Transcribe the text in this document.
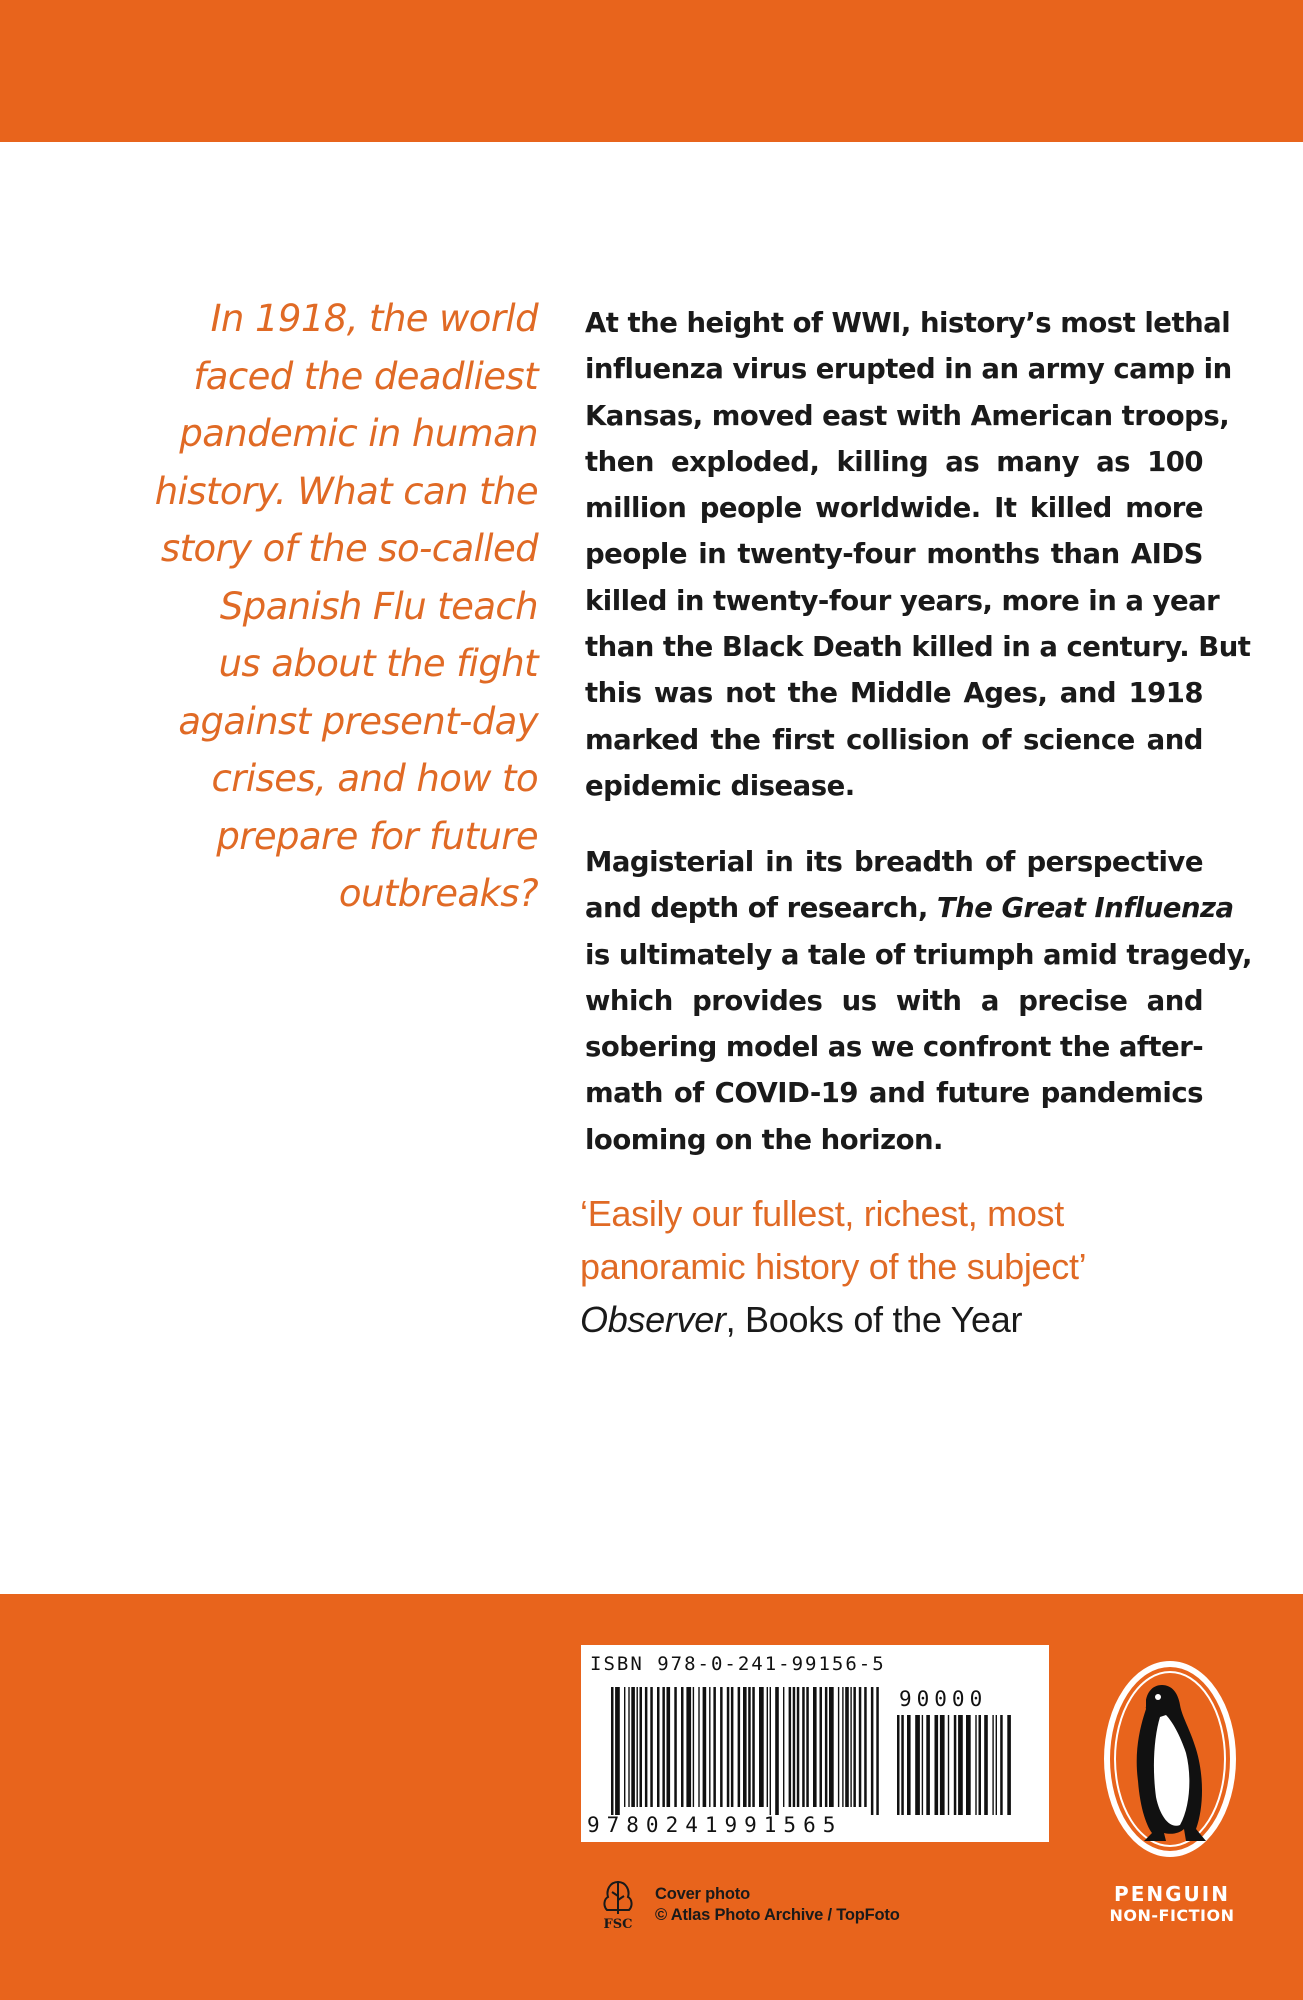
In 1918, the world
faced the deadliest
pandemic in human
history. What can the
story of the so-called
Spanish Flu teach
us about the fight
against present-day
crises, and how to
prepare for future
outbreaks?
At the height of WWI, history’s most lethal
influenza virus erupted in an army camp in
Kansas, moved east with American troops,
then exploded, killing as many as 100
million people worldwide. It killed more
people in twenty-four months than AIDS
killed in twenty-four years, more in a year
than the Black Death killed in a century. But
this was not the Middle Ages, and 1918
marked the first collision of science and
epidemic disease.
Magisterial in its breadth of perspective
and depth of research, The Great Influenza
is ultimately a tale of triumph amid tragedy,
which provides us with a precise and
sobering model as we confront the after-
math of COVID-19 and future pandemics
looming on the horizon.
‘Easily our fullest, richest, most
panoramic history of the subject’
Observer, Books of the Year
ISBN 978-0-241-99156-5
90000
9780241991565
FSC
Cover photo
© Atlas Photo Archive / TopFoto
PENGUIN
NON-FICTION
